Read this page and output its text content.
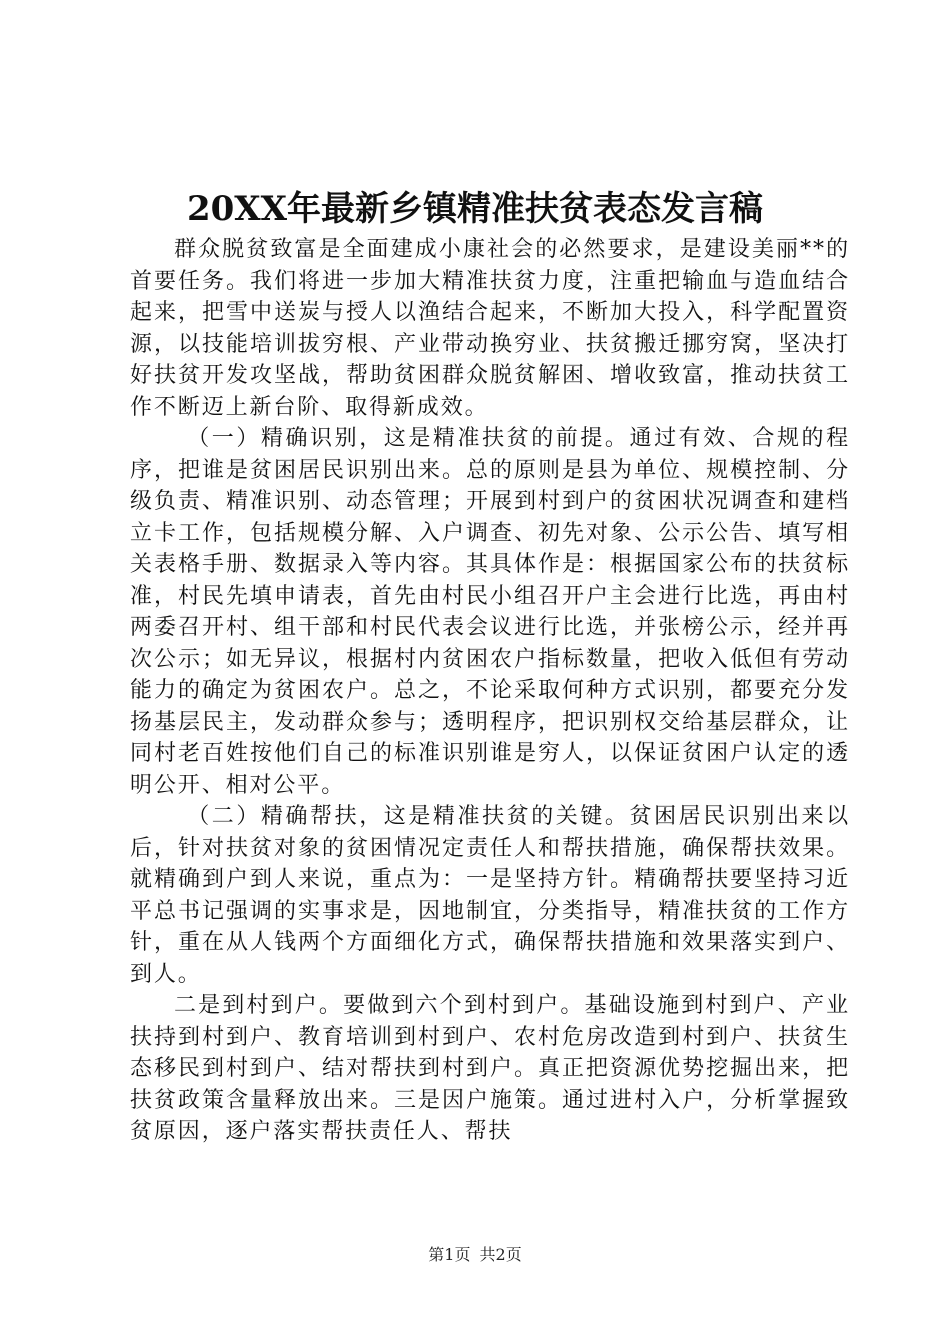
20XX年最新乡镇精准扶贫表态发言稿

群众脱贫致富是全面建成小康社会的必然要求，是建设美丽**的首要任务。我们将进一步加大精准扶贫力度，注重把输血与造血结合起来，把雪中送炭与授人以渔结合起来，不断加大投入，科学配置资源，以技能培训拔穷根、产业带动换穷业、扶贫搬迁挪穷窝，坚决打好扶贫开发攻坚战，帮助贫困群众脱贫解困、增收致富，推动扶贫工作不断迈上新台阶、取得新成效。

（一）精确识别，这是精准扶贫的前提。通过有效、合规的程序，把谁是贫困居民识别出来。总的原则是县为单位、规模控制、分级负责、精准识别、动态管理；开展到村到户的贫困状况调查和建档立卡工作，包括规模分解、入户调查、初先对象、公示公告、填写相关表格手册、数据录入等内容。其具体作是：根据国家公布的扶贫标准，村民先填申请表，首先由村民小组召开户主会进行比选，再由村两委召开村、组干部和村民代表会议进行比选，并张榜公示，经并再次公示；如无异议，根据村内贫困农户指标数量，把收入低但有劳动能力的确定为贫困农户。总之，不论采取何种方式识别，都要充分发扬基层民主，发动群众参与；透明程序，把识别权交给基层群众，让同村老百姓按他们自己的标准识别谁是穷人，以保证贫困户认定的透明公开、相对公平。

（二）精确帮扶，这是精准扶贫的关键。贫困居民识别出来以后，针对扶贫对象的贫困情况定责任人和帮扶措施，确保帮扶效果。就精确到户到人来说，重点为：一是坚持方针。精确帮扶要坚持习近平总书记强调的实事求是，因地制宜，分类指导，精准扶贫的工作方针，重在从人钱两个方面细化方式，确保帮扶措施和效果落实到户、到人。

二是到村到户。要做到六个到村到户。基础设施到村到户、产业扶持到村到户、教育培训到村到户、农村危房改造到村到户、扶贫生态移民到村到户、结对帮扶到村到户。真正把资源优势挖掘出来，把扶贫政策含量释放出来。三是因户施策。通过进村入户，分析掌握致贫原因，逐户落实帮扶责任人、帮扶

第1页 共2页
